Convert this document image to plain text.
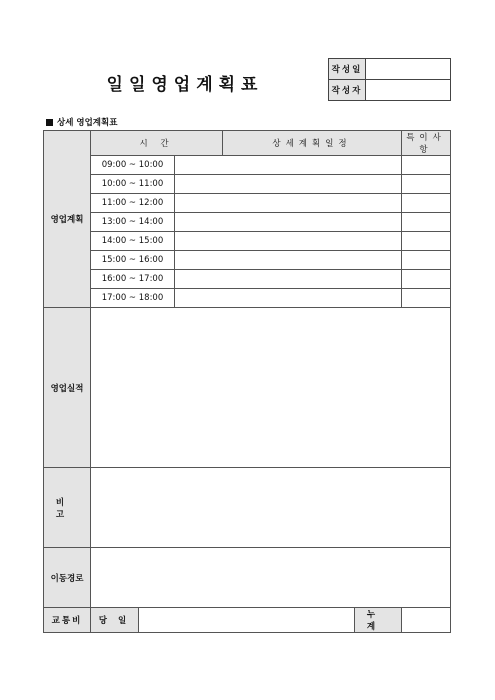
일일영업계획표
작성일	
작성자	
상세 영업계획표
영업계획	시 간			상세계획일정		특이사항
	09:00 ~ 10:00					
	10:00 ~ 11:00					
	11:00 ~ 12:00					
	13:00 ~ 14:00					
	14:00 ~ 15:00					
	15:00 ~ 16:00					
	16:00 ~ 17:00					
	17:00 ~ 18:00					
영업실적						
비 고						
이동경로						
교통비	당 일				누 계	
